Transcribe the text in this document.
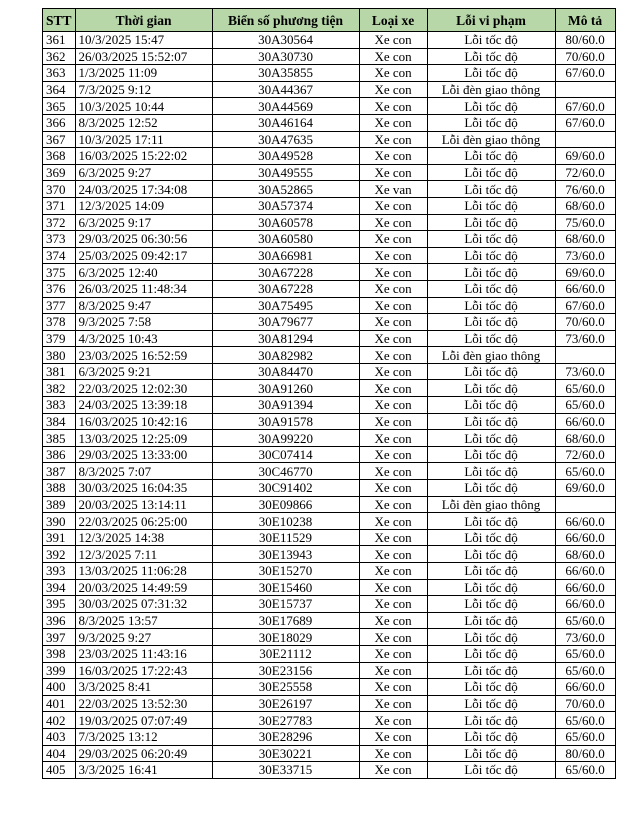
STT	Thời gian	Biển số phương tiện	Loại xe	Lỗi vi phạm	Mô tả
361	10/3/2025 15:47	30A30564	Xe con	Lỗi tốc độ	80/60.0
362	26/03/2025 15:52:07	30A30730	Xe con	Lỗi tốc độ	70/60.0
363	1/3/2025 11:09	30A35855	Xe con	Lỗi tốc độ	67/60.0
364	7/3/2025 9:12	30A44367	Xe con	Lỗi đèn giao thông	
365	10/3/2025 10:44	30A44569	Xe con	Lỗi tốc độ	67/60.0
366	8/3/2025 12:52	30A46164	Xe con	Lỗi tốc độ	67/60.0
367	10/3/2025 17:11	30A47635	Xe con	Lỗi đèn giao thông	
368	16/03/2025 15:22:02	30A49528	Xe con	Lỗi tốc độ	69/60.0
369	6/3/2025 9:27	30A49555	Xe con	Lỗi tốc độ	72/60.0
370	24/03/2025 17:34:08	30A52865	Xe van	Lỗi tốc độ	76/60.0
371	12/3/2025 14:09	30A57374	Xe con	Lỗi tốc độ	68/60.0
372	6/3/2025 9:17	30A60578	Xe con	Lỗi tốc độ	75/60.0
373	29/03/2025 06:30:56	30A60580	Xe con	Lỗi tốc độ	68/60.0
374	25/03/2025 09:42:17	30A66981	Xe con	Lỗi tốc độ	73/60.0
375	6/3/2025 12:40	30A67228	Xe con	Lỗi tốc độ	69/60.0
376	26/03/2025 11:48:34	30A67228	Xe con	Lỗi tốc độ	66/60.0
377	8/3/2025 9:47	30A75495	Xe con	Lỗi tốc độ	67/60.0
378	9/3/2025 7:58	30A79677	Xe con	Lỗi tốc độ	70/60.0
379	4/3/2025 10:43	30A81294	Xe con	Lỗi tốc độ	73/60.0
380	23/03/2025 16:52:59	30A82982	Xe con	Lỗi đèn giao thông	
381	6/3/2025 9:21	30A84470	Xe con	Lỗi tốc độ	73/60.0
382	22/03/2025 12:02:30	30A91260	Xe con	Lỗi tốc độ	65/60.0
383	24/03/2025 13:39:18	30A91394	Xe con	Lỗi tốc độ	65/60.0
384	16/03/2025 10:42:16	30A91578	Xe con	Lỗi tốc độ	66/60.0
385	13/03/2025 12:25:09	30A99220	Xe con	Lỗi tốc độ	68/60.0
386	29/03/2025 13:33:00	30C07414	Xe con	Lỗi tốc độ	72/60.0
387	8/3/2025 7:07	30C46770	Xe con	Lỗi tốc độ	65/60.0
388	30/03/2025 16:04:35	30C91402	Xe con	Lỗi tốc độ	69/60.0
389	20/03/2025 13:14:11	30E09866	Xe con	Lỗi đèn giao thông	
390	22/03/2025 06:25:00	30E10238	Xe con	Lỗi tốc độ	66/60.0
391	12/3/2025 14:38	30E11529	Xe con	Lỗi tốc độ	66/60.0
392	12/3/2025 7:11	30E13943	Xe con	Lỗi tốc độ	68/60.0
393	13/03/2025 11:06:28	30E15270	Xe con	Lỗi tốc độ	66/60.0
394	20/03/2025 14:49:59	30E15460	Xe con	Lỗi tốc độ	66/60.0
395	30/03/2025 07:31:32	30E15737	Xe con	Lỗi tốc độ	66/60.0
396	8/3/2025 13:57	30E17689	Xe con	Lỗi tốc độ	65/60.0
397	9/3/2025 9:27	30E18029	Xe con	Lỗi tốc độ	73/60.0
398	23/03/2025 11:43:16	30E21112	Xe con	Lỗi tốc độ	65/60.0
399	16/03/2025 17:22:43	30E23156	Xe con	Lỗi tốc độ	65/60.0
400	3/3/2025 8:41	30E25558	Xe con	Lỗi tốc độ	66/60.0
401	22/03/2025 13:52:30	30E26197	Xe con	Lỗi tốc độ	70/60.0
402	19/03/2025 07:07:49	30E27783	Xe con	Lỗi tốc độ	65/60.0
403	7/3/2025 13:12	30E28296	Xe con	Lỗi tốc độ	65/60.0
404	29/03/2025 06:20:49	30E30221	Xe con	Lỗi tốc độ	80/60.0
405	3/3/2025 16:41	30E33715	Xe con	Lỗi tốc độ	65/60.0
